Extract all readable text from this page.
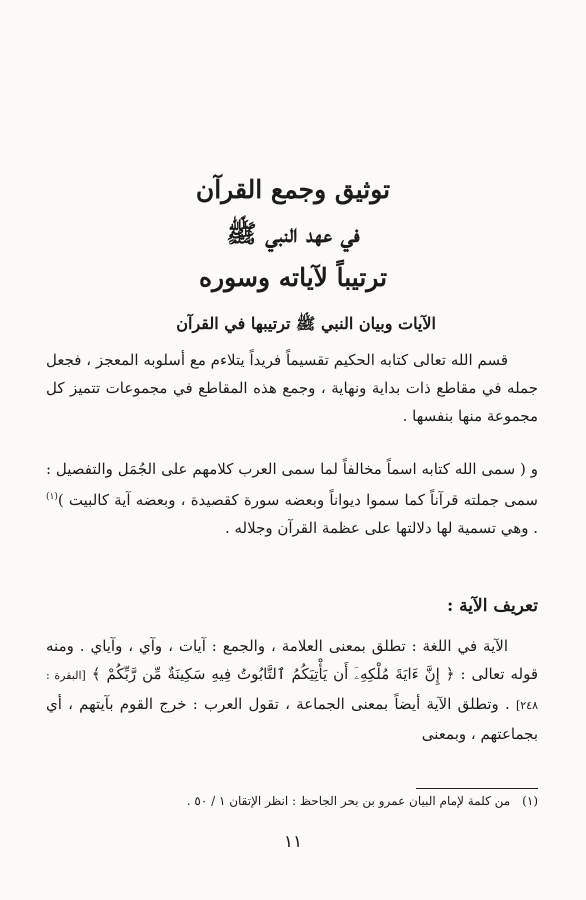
توثيق وجمع القرآن
في عهد النبي ﷺ
ترتيباً لآياته وسوره
الآيات وبيان النبي ﷺ ترتيبها في القرآن
قسم الله تعالى كتابه الحكيم تقسيماً فريداً يتلاءم مع أسلوبه المعجز ، فجعل جمله في مقاطع ذات بداية ونهاية ، وجمع هذه المقاطع في مجموعات تتميز كل مجموعة منها بنفسها .
و ( سمى الله كتابه اسماً مخالفاً لما سمى العرب كلامهم على الجُمَل والتفصيل : سمى جملته قرآناً كما سموا ديواناً وبعضه سورة كقصيدة ، وبعضه آية كالبيت )$^{(١)}$ . وهي تسمية لها دلالتها على عظمة القرآن وجلاله .
تعريف الآية :
الآية في اللغة : تطلق بمعنى العلامة ، والجمع : آيات ، وآي ، وآياي . ومنه قوله تعالى : ﴿ إِنَّ ءَايَةَ مُلْكِهِۦٓ أَن يَأْتِيَكُمُ ٱلتَّابُوتُ فِيهِ سَكِينَةٌ مِّن رَّبِّكُمْ ﴾ [البقرة : ٢٤٨] . وتطلق الآية أيضاً بمعنى الجماعة ، تقول العرب : خرج القوم بآيتهم ، أي بجماعتهم ، وبمعنى
(١)من كلمة لإمام البيان عمرو بن بحر الجاحظ : انظر الإتقان ١ / ٥٠ .
١١
